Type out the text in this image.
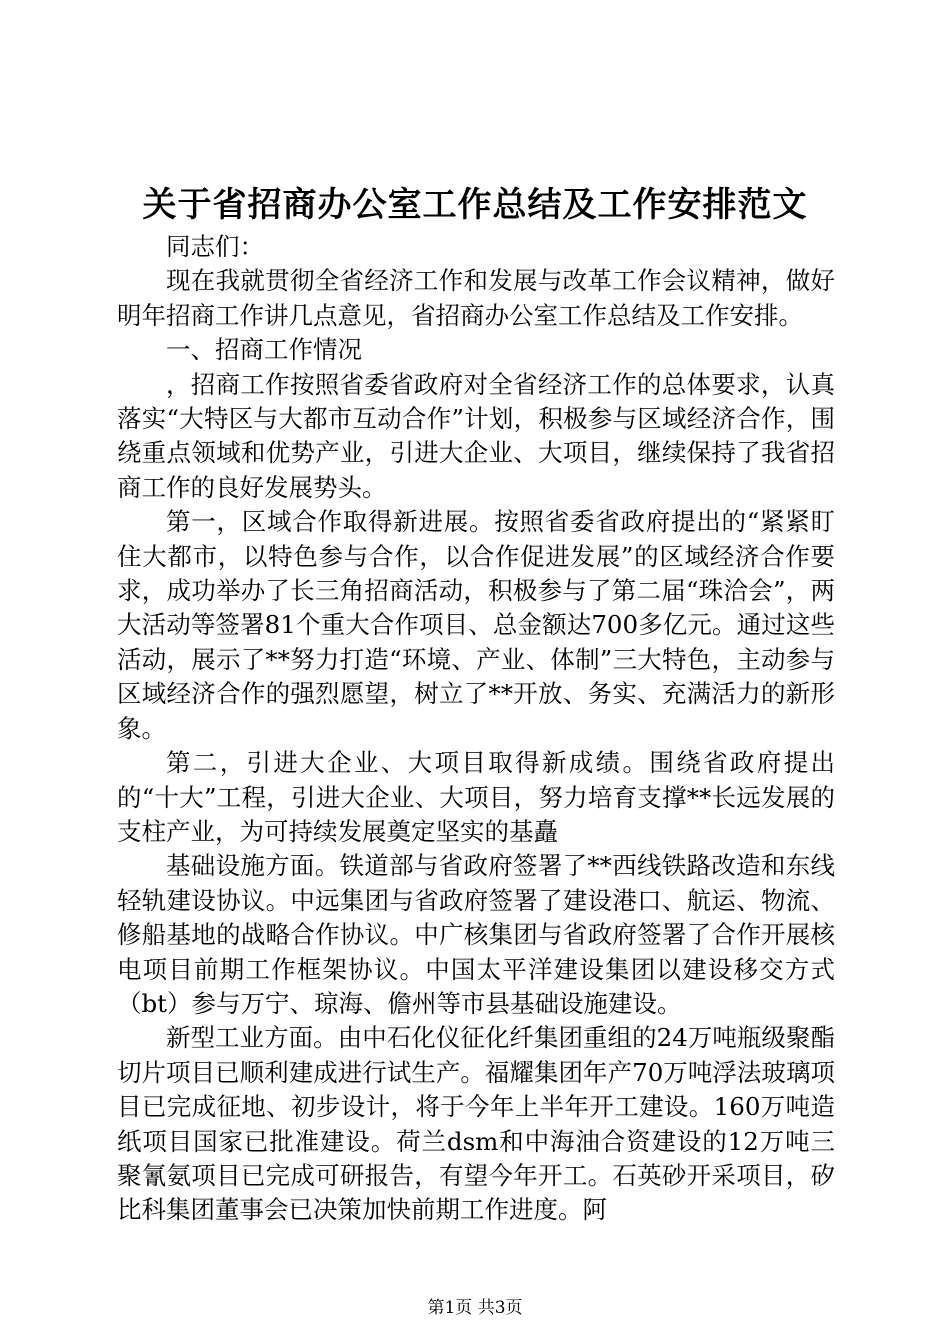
关于省招商办公室工作总结及工作安排范文

同志们：

现在我就贯彻全省经济工作和发展与改革工作会议精神，做好明年招商工作讲几点意见，省招商办公室工作总结及工作安排。

一、招商工作情况

，招商工作按照省委省政府对全省经济工作的总体要求，认真落实“大特区与大都市互动合作”计划，积极参与区域经济合作，围绕重点领域和优势产业，引进大企业、大项目，继续保持了我省招商工作的良好发展势头。

第一，区域合作取得新进展。按照省委省政府提出的“紧紧盯住大都市，以特色参与合作，以合作促进发展”的区域经济合作要求，成功举办了长三角招商活动，积极参与了第二届“珠洽会”，两大活动等签署81个重大合作项目、总金额达700多亿元。通过这些活动，展示了**努力打造“环境、产业、体制”三大特色，主动参与区域经济合作的强烈愿望，树立了**开放、务实、充满活力的新形象。

第二，引进大企业、大项目取得新成绩。围绕省政府提出的“十大”工程，引进大企业、大项目，努力培育支撑**长远发展的支柱产业，为可持续发展奠定坚实的基矗

基础设施方面。铁道部与省政府签署了**西线铁路改造和东线轻轨建设协议。中远集团与省政府签署了建设港口、航运、物流、修船基地的战略合作协议。中广核集团与省政府签署了合作开展核电项目前期工作框架协议。中国太平洋建设集团以建设移交方式（bt）参与万宁、琼海、儋州等市县基础设施建设。

新型工业方面。由中石化仪征化纤集团重组的24万吨瓶级聚酯切片项目已顺利建成进行试生产。福耀集团年产70万吨浮法玻璃项目已完成征地、初步设计，将于今年上半年开工建设。160万吨造纸项目国家已批准建设。荷兰dsm和中海油合资建设的12万吨三聚氰氨项目已完成可研报告，有望今年开工。石英砂开采项目，矽比科集团董事会已决策加快前期工作进度。阿

第1页 共3页
